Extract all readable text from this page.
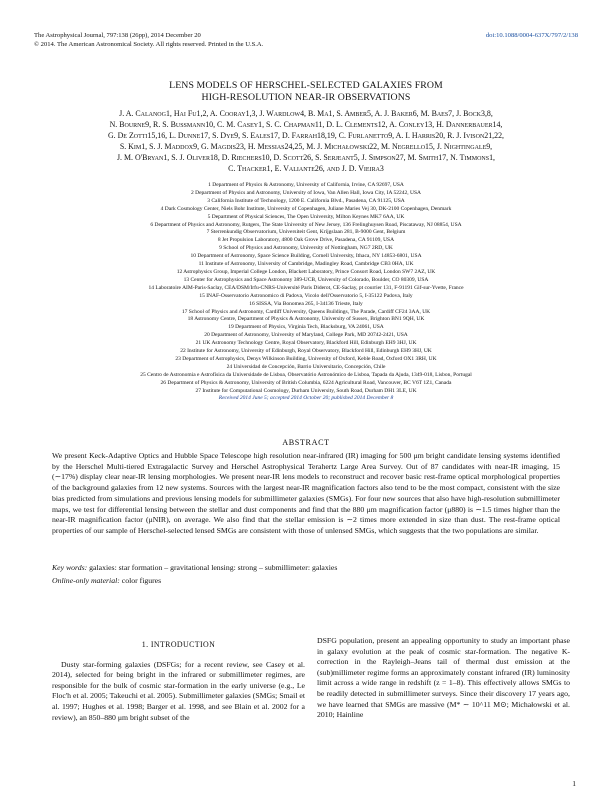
The Astrophysical Journal, 797:138 (26pp), 2014 December 20
© 2014. The American Astronomical Society. All rights reserved. Printed in the U.S.A.
doi:10.1088/0004-637X/797/2/138
LENS MODELS OF HERSCHEL-SELECTED GALAXIES FROM
HIGH-RESOLUTION NEAR-IR OBSERVATIONS
J. A. Calanog1, Hai Fu1,2, A. Cooray1,3, J. Wardlow4, B. Ma1, S. Amber5, A. J. Baker6, M. Baes7, J. Bock3,8,
N. Bourne9, R. S. Bussmann10, C. M. Casey1, S. C. Chapman11, D. L. Clements12, A. Conley13, H. Dannerbauer14,
G. De Zotti15,16, L. Dunne17, S. Dye9, S. Eales17, D. Farrah18,19, C. Furlanetto9, A. I. Harris20, R. J. Ivison21,22,
S. Kim1, S. J. Maddox9, G. Magdis23, H. Messias24,25, M. J. Michałowski22, M. Negrello15, J. Nightingale9,
J. M. O'Bryan1, S. J. Oliver18, D. Riechers10, D. Scott26, S. Serjeant5, J. Simpson27, M. Smith17, N. Timmons1,
C. Thacker1, E. Valiante26, and J. D. Vieira3
1 Department of Physics & Astronomy, University of California, Irvine, CA 92697, USA
2 Department of Physics and Astronomy, University of Iowa, Van Allen Hall, Iowa City, IA 52242, USA
3 California Institute of Technology, 1200 E. California Blvd., Pasadena, CA 91125, USA
4 Dark Cosmology Center, Niels Bohr Institute, University of Copenhagen, Juliane Maries Vej 30, DK-2100 Copenhagen, Denmark
5 Department of Physical Sciences, The Open University, Milton Keynes MK7 6AA, UK
6 Department of Physics and Astronomy, Rutgers, The State University of New Jersey, 136 Frelinghuysen Road, Piscataway, NJ 08854, USA
7 Sterrenkundig Observatorium, Universiteit Gent, Krijgslaan 281, B-9000 Gent, Belgium
8 Jet Propulsion Laboratory, 4800 Oak Grove Drive, Pasadena, CA 91109, USA
9 School of Physics and Astronomy, University of Nottingham, NG7 2RD, UK
10 Department of Astronomy, Space Science Building, Cornell University, Ithaca, NY 14853-6801, USA
11 Institute of Astronomy, University of Cambridge, Madingley Road, Cambridge CB3 0HA, UK
12 Astrophysics Group, Imperial College London, Blackett Laboratory, Prince Consort Road, London SW7 2AZ, UK
13 Center for Astrophysics and Space Astronomy 389-UCB, University of Colorado, Boulder, CO 80309, USA
14 Laboratoire AIM-Paris-Saclay, CEA/DSM/Irfu-CNRS-Université Paris Diderot, CE-Saclay, pt courrier 131, F-91191 Gif-sur-Yvette, France
15 INAF-Osservatorio Astronomico di Padova, Vicolo dell'Osservatorio 5, I-35122 Padova, Italy
16 SISSA, Via Bonomea 265, I-34136 Trieste, Italy
17 School of Physics and Astronomy, Cardiff University, Queens Buildings, The Parade, Cardiff CF24 3AA, UK
18 Astronomy Centre, Department of Physics & Astronomy, University of Sussex, Brighton BN1 9QH, UK
19 Department of Physics, Virginia Tech, Blacksburg, VA 24061, USA
20 Department of Astronomy, University of Maryland, College Park, MD 20742-2421, USA
21 UK Astronomy Technology Centre, Royal Observatory, Blackford Hill, Edinburgh EH9 3HJ, UK
22 Institute for Astronomy, University of Edinburgh, Royal Observatory, Blackford Hill, Edinburgh EH9 3HJ, UK
23 Department of Astrophysics, Denys Wilkinson Building, University of Oxford, Keble Road, Oxford OX1 3RH, UK
24 Universidad de Concepción, Barrio Universitario, Concepción, Chile
25 Centro de Astronomia e Astrofísica da Universidade de Lisboa, Observatório Astronómico de Lisboa, Tapada da Ajuda, 1349-018, Lisbon, Portugal
26 Department of Physics & Astronomy, University of British Columbia, 6224 Agricultural Road, Vancouver, BC V6T 1Z1, Canada
27 Institute for Computational Cosmology, Durham University, South Road, Durham DH1 3LE, UK
Received 2014 June 5; accepted 2014 October 20; published 2014 December 8
ABSTRACT
We present Keck-Adaptive Optics and Hubble Space Telescope high resolution near-infrared (IR) imaging for 500 μm bright candidate lensing systems identified by the Herschel Multi-tiered Extragalactic Survey and Herschel Astrophysical Terahertz Large Area Survey. Out of 87 candidates with near-IR imaging, 15 (∼17%) display clear near-IR lensing morphologies. We present near-IR lens models to reconstruct and recover basic rest-frame optical morphological properties of the background galaxies from 12 new systems. Sources with the largest near-IR magnification factors also tend to be the most compact, consistent with the size bias predicted from simulations and previous lensing models for submillimeter galaxies (SMGs). For four new sources that also have high-resolution submillimeter maps, we test for differential lensing between the stellar and dust components and find that the 880 μm magnification factor (μ880) is ∼1.5 times higher than the near-IR magnification factor (μNIR), on average. We also find that the stellar emission is ∼2 times more extended in size than dust. The rest-frame optical properties of our sample of Herschel-selected lensed SMGs are consistent with those of unlensed SMGs, which suggests that the two populations are similar.
Key words: galaxies: star formation – gravitational lensing: strong – submillimeter: galaxies
Online-only material: color figures
1. INTRODUCTION

Dusty star-forming galaxies (DSFGs; for a recent review, see Casey et al. 2014), selected for being bright in the infrared or submillimeter regimes, are responsible for the bulk of cosmic star-formation in the early universe (e.g., Le Floc'h et al. 2005; Takeuchi et al. 2005). Submillimeter galaxies (SMGs; Smail et al. 1997; Hughes et al. 1998; Barger et al. 1998, and see Blain et al. 2002 for a review), an 850–880 μm bright subset of the

DSFG population, present an appealing opportunity to study an important phase in galaxy evolution at the peak of cosmic star-formation. The negative K-correction in the Rayleigh–Jeans tail of thermal dust emission at the (sub)millimeter regime forms an approximately constant infrared (IR) luminosity limit across a wide range in redshift (z = 1–8). This effectively allows SMGs to be readily detected in submillimeter surveys. Since their discovery 17 years ago, we have learned that SMGs are massive (M* ∼ 10^11 M⊙; Michałowski et al. 2010; Hainline

1
